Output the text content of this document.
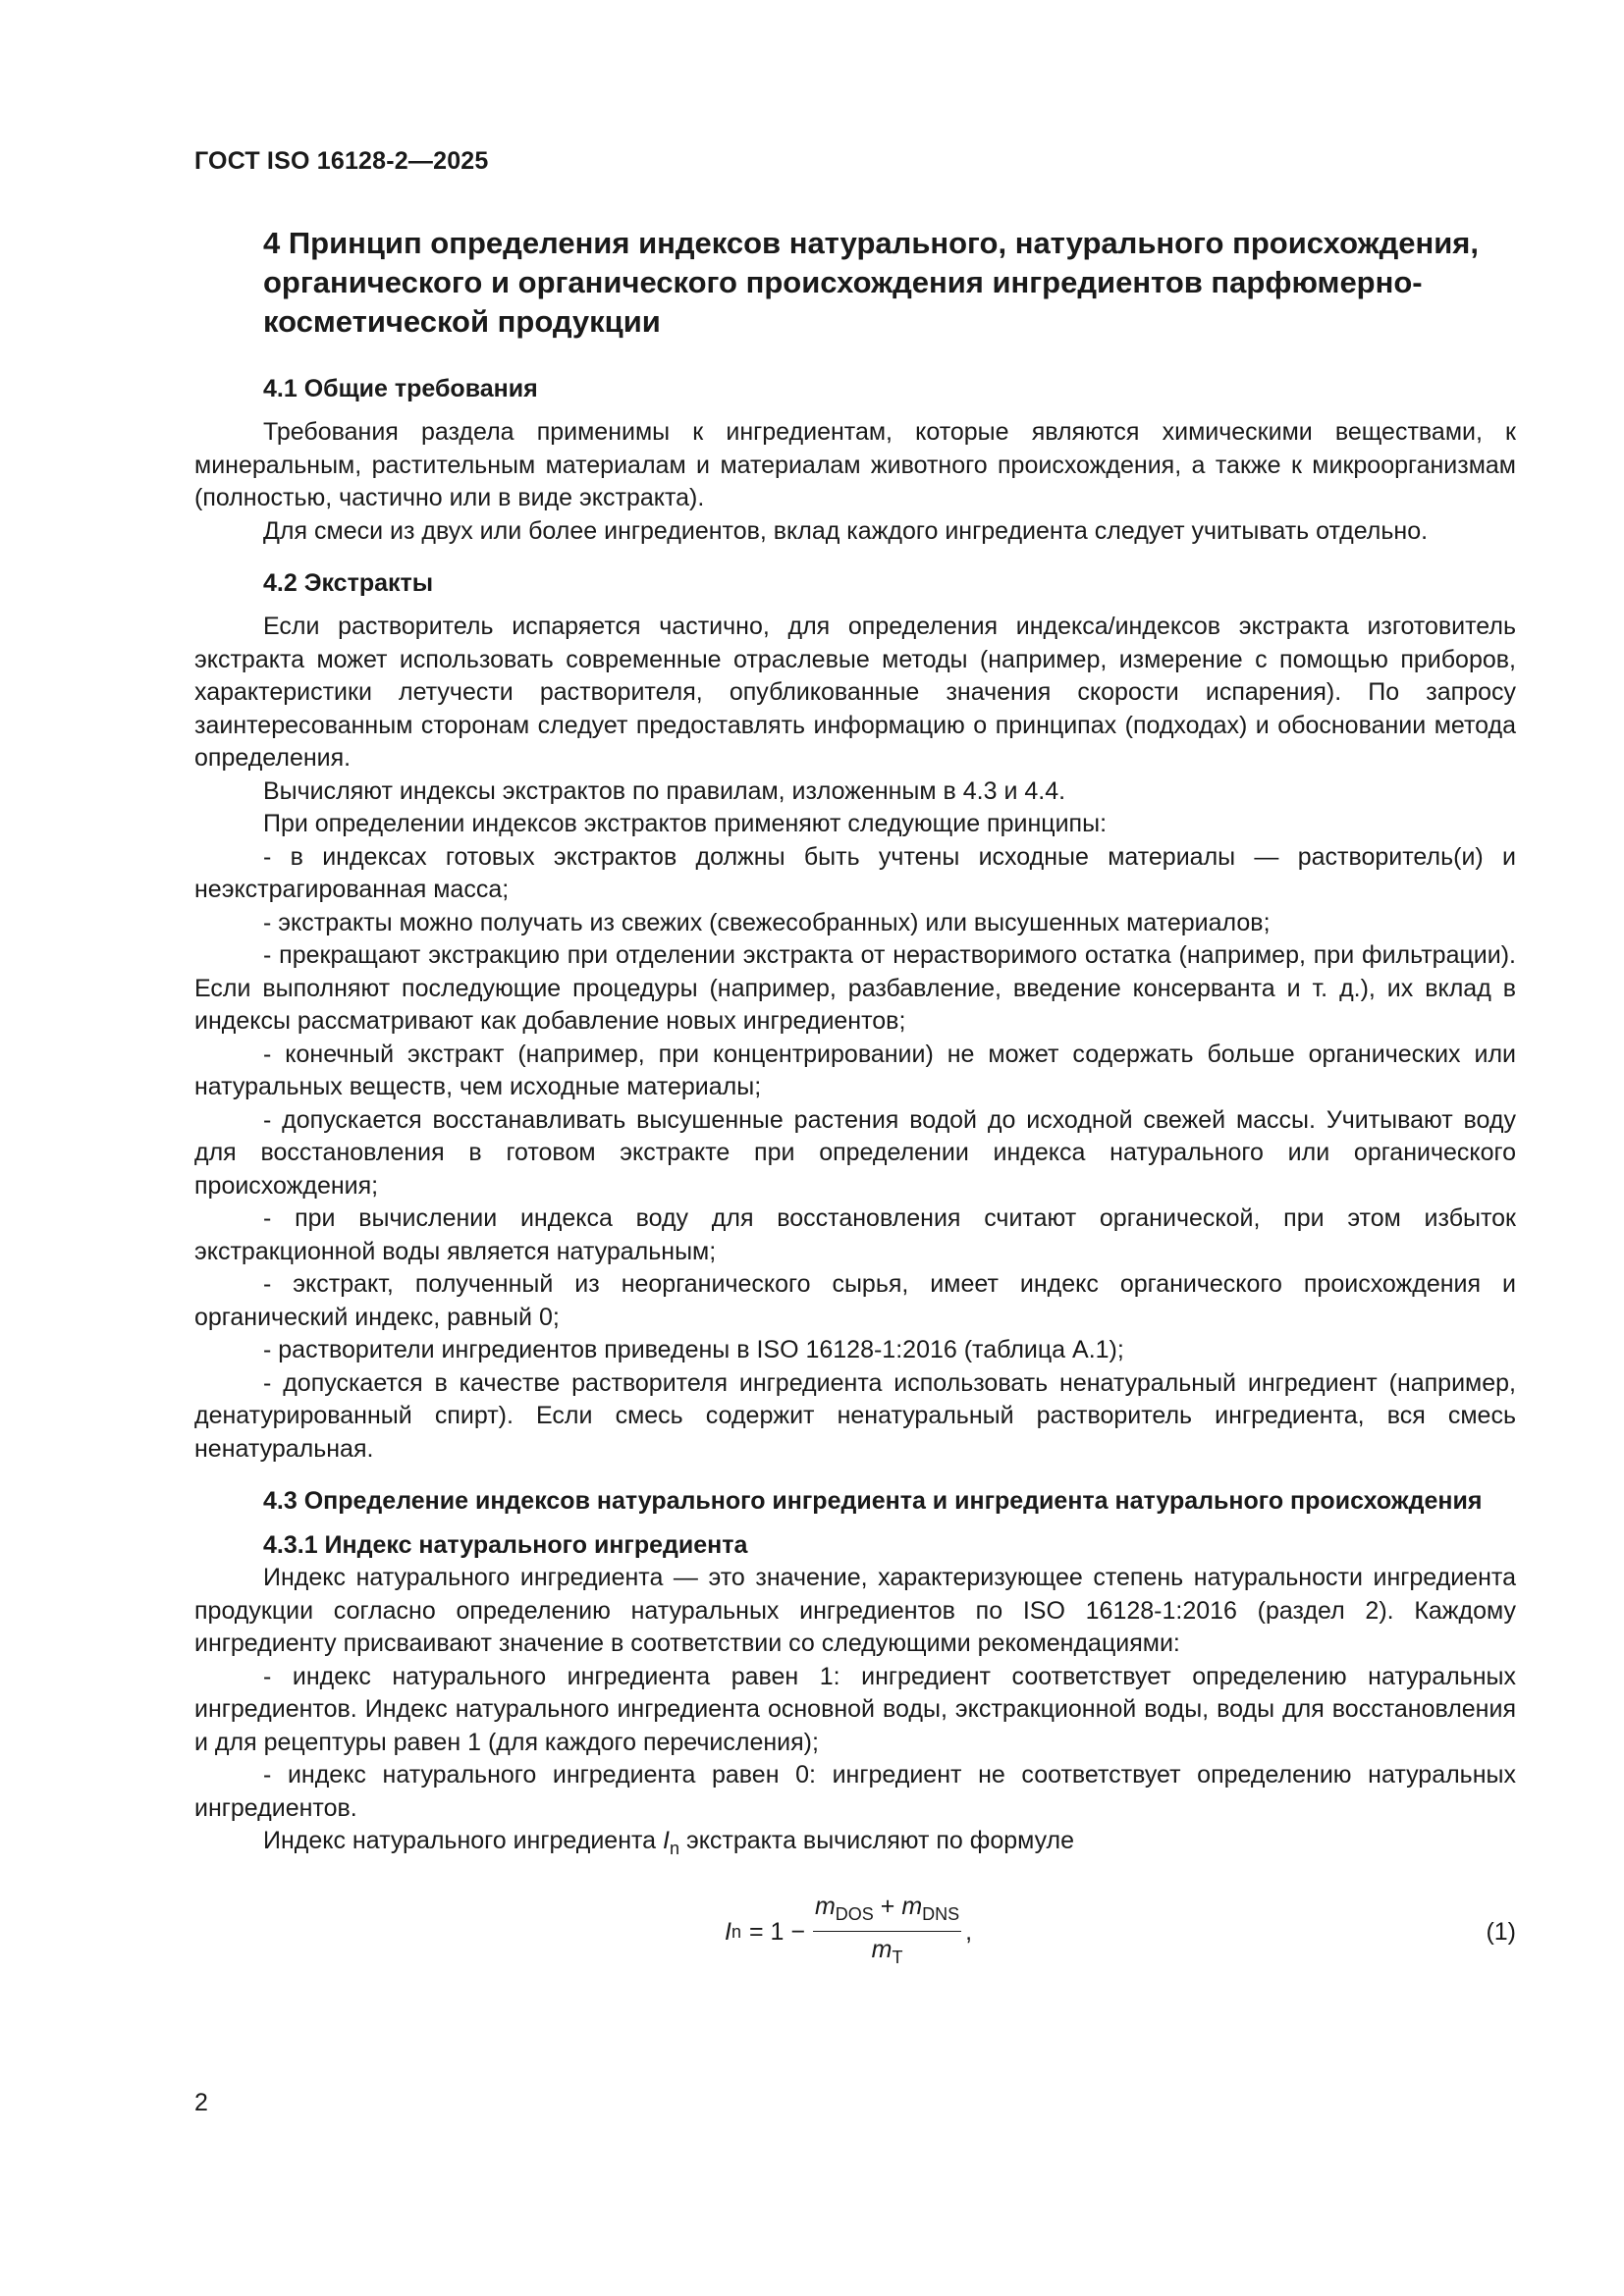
ГОСТ ISO 16128-2—2025
4 Принцип определения индексов натурального, натурального происхождения, органического и органического происхождения ингредиентов парфюмерно-косметической продукции
4.1 Общие требования

Требования раздела применимы к ингредиентам, которые являются химическими веществами, к минеральным, растительным материалам и материалам животного происхождения, а также к микроорганизмам (полностью, частично или в виде экстракта).

Для смеси из двух или более ингредиентов, вклад каждого ингредиента следует учитывать отдельно.

4.2 Экстракты

Если растворитель испаряется частично, для определения индекса/индексов экстракта изготовитель экстракта может использовать современные отраслевые методы (например, измерение с помощью приборов, характеристики летучести растворителя, опубликованные значения скорости испарения). По запросу заинтересованным сторонам следует предоставлять информацию о принципах (подходах) и обосновании метода определения.

Вычисляют индексы экстрактов по правилам, изложенным в 4.3 и 4.4.

При определении индексов экстрактов применяют следующие принципы:

- в индексах готовых экстрактов должны быть учтены исходные материалы — растворитель(и) и неэкстрагированная масса;

- экстракты можно получать из свежих (свежесобранных) или высушенных материалов;

- прекращают экстракцию при отделении экстракта от нерастворимого остатка (например, при фильтрации). Если выполняют последующие процедуры (например, разбавление, введение консерванта и т. д.), их вклад в индексы рассматривают как добавление новых ингредиентов;

- конечный экстракт (например, при концентрировании) не может содержать больше органических или натуральных веществ, чем исходные материалы;

- допускается восстанавливать высушенные растения водой до исходной свежей массы. Учитывают воду для восстановления в готовом экстракте при определении индекса натурального или органического происхождения;

- при вычислении индекса воду для восстановления считают органической, при этом избыток экстракционной воды является натуральным;

- экстракт, полученный из неорганического сырья, имеет индекс органического происхождения и органический индекс, равный 0;

- растворители ингредиентов приведены в ISO 16128-1:2016 (таблица А.1);

- допускается в качестве растворителя ингредиента использовать ненатуральный ингредиент (например, денатурированный спирт). Если смесь содержит ненатуральный растворитель ингредиента, вся смесь ненатуральная.

4.3 Определение индексов натурального ингредиента и ингредиента натурального происхождения
4.3.1 Индекс натурального ингредиента

Индекс натурального ингредиента — это значение, характеризующее степень натуральности ингредиента продукции согласно определению натуральных ингредиентов по ISO 16128-1:2016 (раздел 2). Каждому ингредиенту присваивают значение в соответствии со следующими рекомендациями:

- индекс натурального ингредиента равен 1: ингредиент соответствует определению натуральных ингредиентов. Индекс натурального ингредиента основной воды, экстракционной воды, воды для восстановления и для рецептуры равен 1 (для каждого перечисления);

- индекс натурального ингредиента равен 0: ингредиент не соответствует определению натуральных ингредиентов.

Индекс натурального ингредиента $I_n$ экстракта вычисляют по формуле

I $n = 1 - \frac{m_{DOS} + m_{DNS}}{m_T}$ ,	(1)
2
